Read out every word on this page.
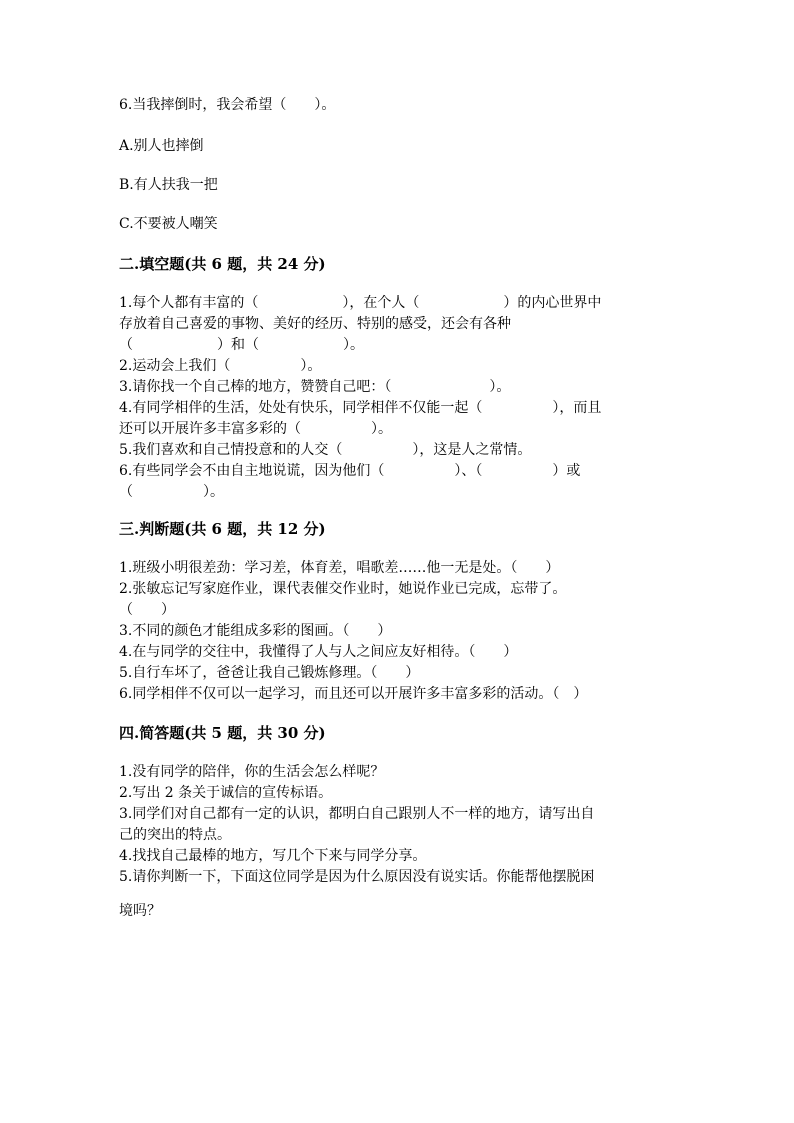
6.当我摔倒时，我会希望（　　）。
A.别人也摔倒
B.有人扶我一把
C.不要被人嘲笑
二.填空题(共 6 题，共 24 分)
1.每个人都有丰富的（　　　　　　），在个人（　　　　　　）的内心世界中
存放着自己喜爱的事物、美好的经历、特别的感受，还会有各种
（　　　　　　）和（　　　　　　）。
2.运动会上我们（　　　　　）。
3.请你找一个自己棒的地方，赞赞自己吧：（　　　　　　　）。
4.有同学相伴的生活，处处有快乐，同学相伴不仅能一起（　　　　　），而且
还可以开展许多丰富多彩的（　　　　　）。
5.我们喜欢和自己情投意和的人交（　　　　　），这是人之常情。
6.有些同学会不由自主地说谎，因为他们（　　　　　）、（　　　　　）或
（　　　　　）。
三.判断题(共 6 题，共 12 分)
1.班级小明很差劲：学习差，体育差，唱歌差……他一无是处。（　　）
2.张敏忘记写家庭作业，课代表催交作业时，她说作业已完成，忘带了。
（　　）
3.不同的颜色才能组成多彩的图画。（　　）
4.在与同学的交往中，我懂得了人与人之间应友好相待。（　　）
5.自行车坏了，爸爸让我自己锻炼修理。（　　）
6.同学相伴不仅可以一起学习，而且还可以开展许多丰富多彩的活动。（　）
四.简答题(共 5 题，共 30 分)
1.没有同学的陪伴，你的生活会怎么样呢？
2.写出 2 条关于诚信的宣传标语。
3.同学们对自己都有一定的认识，都明白自己跟别人不一样的地方，请写出自
己的突出的特点。
4.找找自己最棒的地方，写几个下来与同学分享。
5.请你判断一下，下面这位同学是因为什么原因没有说实话。你能帮他摆脱困
境吗？
